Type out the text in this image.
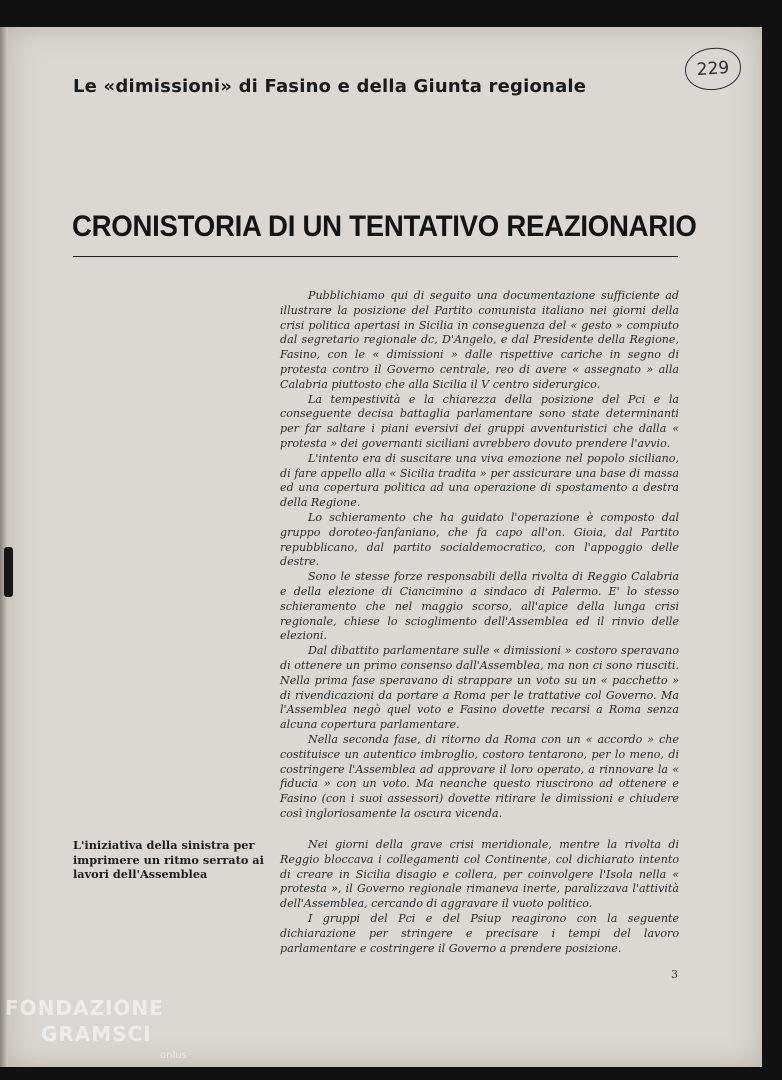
229
Le «dimissioni» di Fasino e della Giunta regionale
CRONISTORIA DI UN TENTATIVO REAZIONARIO

Pubblichiamo qui di seguito una documentazione sufficiente ad illustrare la posizione del Partito comunista italiano nei giorni della crisi politica apertasi in Sicilia in conseguenza del « gesto » compiuto dal segretario regionale dc, D'Angelo, e dal Presidente della Regione, Fasino, con le « dimissioni » dalle rispettive cariche in segno di protesta contro il Governo centrale, reo di avere « assegnato » alla Calabria piuttosto che alla Sicilia il V centro siderurgico.

La tempestività e la chiarezza della posizione del Pci e la conseguente decisa battaglia parlamentare sono state determinanti per far saltare i piani eversivi dei gruppi avventuristici che dalla « protesta » dei governanti siciliani avrebbero dovuto prendere l'avvio.

L'intento era di suscitare una viva emozione nel popolo siciliano, di fare appello alla « Sicilia tradita » per assicurare una base di massa ed una copertura politica ad una operazione di spostamento a destra della Regione.

Lo schieramento che ha guidato l'operazione è composto dal gruppo doroteo-fanfaniano, che fa capo all'on. Gioia, dal Partito repubblicano, dal partito socialdemocratico, con l'appoggio delle destre.

Sono le stesse forze responsabili della rivolta di Reggio Calabria e della elezione di Ciancimino a sindaco di Palermo. E' lo stesso schieramento che nel maggio scorso, all'apice della lunga crisi regionale, chiese lo scioglimento dell'Assemblea ed il rinvio delle elezioni.

Dal dibattito parlamentare sulle « dimissioni » costoro speravano di ottenere un primo consenso dall'Assemblea, ma non ci sono riusciti. Nella prima fase speravano di strappare un voto su un « pacchetto » di rivendicazioni da portare a Roma per le trattative col Governo. Ma l'Assemblea negò quel voto e Fasino dovette recarsi a Roma senza alcuna copertura parlamentare.

Nella seconda fase, di ritorno da Roma con un « accordo » che costituisce un autentico imbroglio, costoro tentarono, per lo meno, di costringere l'Assemblea ad approvare il loro operato, a rinnovare la « fiducia » con un voto. Ma neanche questo riuscirono ad ottenere e Fasino (con i suoi assessori) dovette ritirare le dimissioni e chiudere così ingloriosamente la oscura vicenda.

L'iniziativa della sinistra per imprimere un ritmo serrato ai lavori dell'Assemblea

Nei giorni della grave crisi meridionale, mentre la rivolta di Reggio bloccava i collegamenti col Continente, col dichiarato intento di creare in Sicilia disagio e collera, per coinvolgere l'Isola nella « protesta », il Governo regionale rimaneva inerte, paralizzava l'attività dell'Assemblea, cercando di aggravare il vuoto politico.

I gruppi del Pci e del Psiup reagirono con la seguente dichiarazione per stringere e precisare i tempi del lavoro parlamentare e costringere il Governo a prendere posizione.

3
FONDAZIONE
GRAMSCI
onlus
